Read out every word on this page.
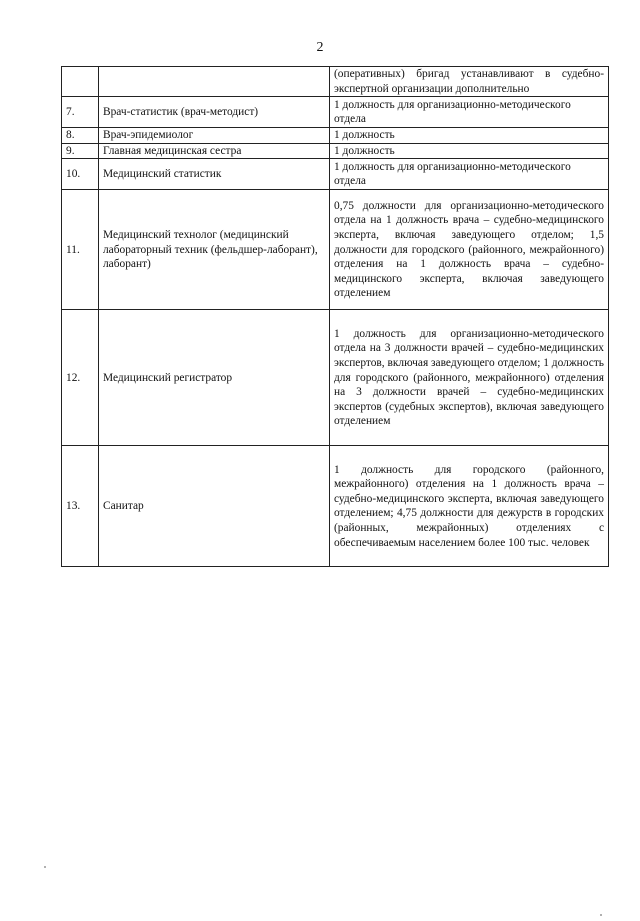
2
		(оперативных) бригад устанавливают в судебно-экспертной организации дополнительно
7.	Врач-статистик (врач-методист)	1 должность для организационно-методического отдела
8.	Врач-эпидемиолог	1 должность
9.	Главная медицинская сестра	1 должность
10.	Медицинский статистик	1 должность для организационно-методического отдела
11.	Медицинский технолог (медицинский лабораторный техник (фельдшер-лаборант), лаборант)	0,75 должности для организационно-методического отдела на 1 должность врача – судебно-медицинского эксперта, включая заведующего отделом; 1,5 должности для городского (районного, межрайонного) отделения на 1 должность врача – судебно-медицинского эксперта, включая заведующего отделением
12.	Медицинский регистратор	1 должность для организационно-методического отдела на 3 должности врачей – судебно-медицинских экспертов, включая заведующего отделом; 1 должность для городского (районного, межрайонного) отделения на 3 должности врачей – судебно-медицинских экспертов (судебных экспертов), включая заведующего отделением
13.	Санитар	1 должность для городского (районного, межрайонного) отделения на 1 должность врача – судебно-медицинского эксперта, включая заведующего отделением; 4,75 должности для дежурств в городских (районных, межрайонных) отделениях с обеспечиваемым населением более 100 тыс. человек
